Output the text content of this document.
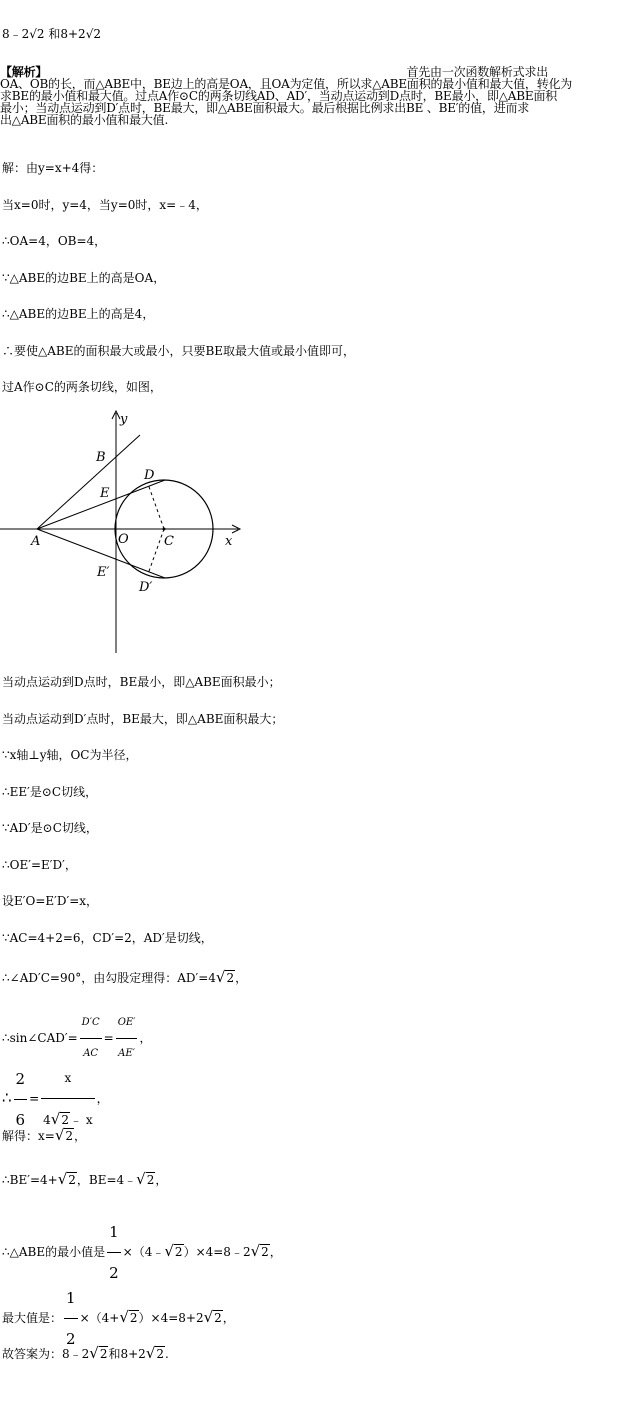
8﹣2√2 和8+2√2
【解析】	首先由一次函数解析式求出
OA、OB的长，而△ABE中，BE边上的高是OA，且OA为定值，所以求△ABE面积的最小值和最大值，转化为
求BE的最小值和最大值。过点A作⊙C的两条切线AD、AD′，当动点运动到D点时，BE最小，即△ABE面积
最小；当动点运动到D′点时，BE最大，即△ABE面积最大。最后根据比例求出BE 、BE′的值，进而求
出△ABE面积的最小值和最大值.
解：由y=x+4得：
当x=0时，y=4，当y=0时，x=﹣4，
∴OA=4，OB=4，
∵△ABE的边BE上的高是OA，
∴△ABE的边BE上的高是4，
∴要使△ABE的面积最大或最小，只要BE取最大值或最小值即可，
过A作⊙C的两条切线，如图，
y
x
B
D
E
A	O	C
E′
D′
当动点运动到D点时，BE最小，即△ABE面积最小；
当动点运动到D′点时，BE最大，即△ABE面积最大；
∵x轴⊥y轴，OC为半径，
∴EE′是⊙C切线，
∵AD′是⊙C切线，
∴OE′=E′D′，
设E′O=E′D′=x，
∵AC=4+2=6，CD′=2，AD′是切线，
∴∠AD′C=90°，由勾股定理得：AD′=4√2，
∴sin∠CAD′= $\frac{D'C}{AC} = \frac{OE'}{AE'}$ ，
∴ $\frac{2}{6} = \frac{x}{4√2﹣ x}$ ，
解得：x=√2，
∴BE′=4+√2，BE=4﹣√2，
∴△ABE的最小值是 $\frac{1}{2}$ ×（4﹣√2）×4=8﹣2√2，
最大值是： $\frac{1}{2} \times(4+√2)\times 4=8+2√2$，
故答案为：8﹣2√2和8+2√2.
